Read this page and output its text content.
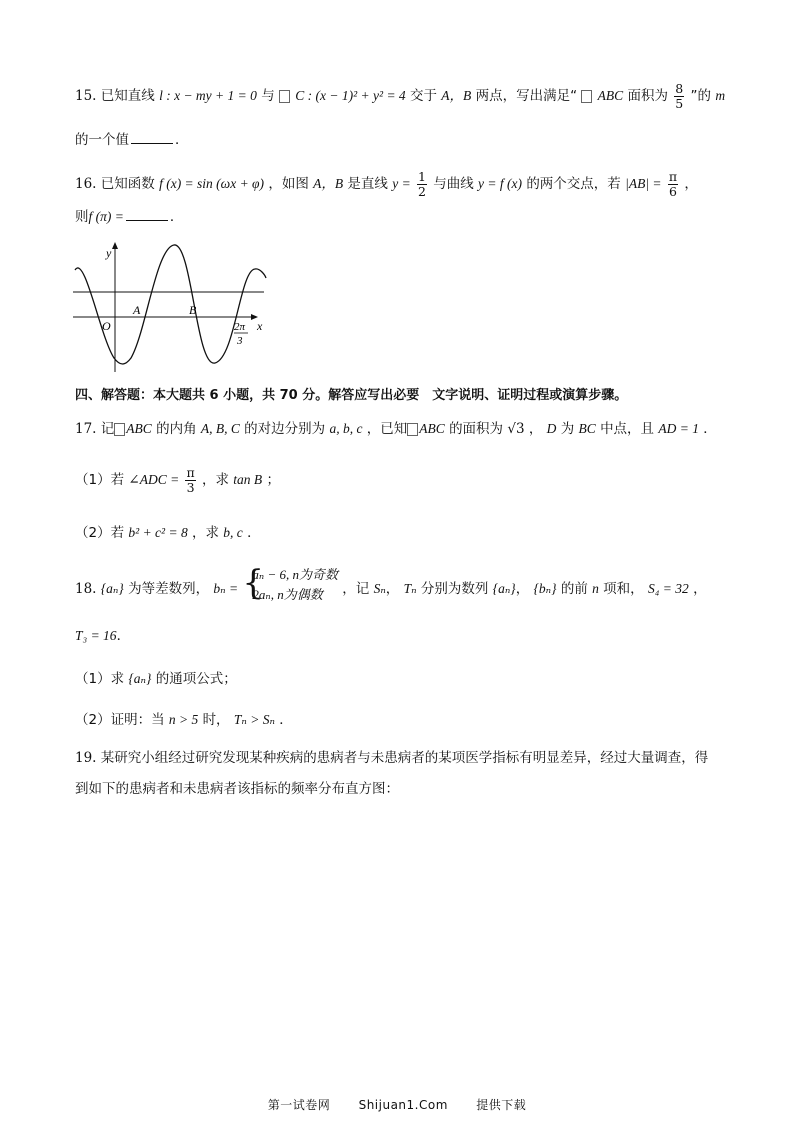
15. 已知直线 l : x − my + 1 = 0 与 C : (x − 1)² + y² = 4 交于 A，B 两点，写出满足“ ABC 面积为 $\frac{8}{5}$ ”的 m
的一个值	．
16. 已知函数 f (x) = sin (ωx + φ) ，如图 A，B 是直线 $y = \frac{1}{2}$ 与曲线 y = f (x) 的两个交点，若 $|AB| = \frac{\pi}{6}$ ，
则f (π) =	．
y
x
O
A	B
2π
3
四、解答题：本大题共 6 小题，共 70 分。解答应写出必要　文字说明、证明过程或演算步骤。
17. 记 ABC 的内角 A, B, C 的对边分别为 a, b, c ，已知 ABC 的面积为 √3 ， D 为 BC 中点，且 AD = 1 ．
（1）若 ∠ADC = $\frac{\pi}{3}$ ，求 tan B ；
（2）若 b² + c² = 8 ，求 b, c ．
18. {aₙ} 为等差数列， bₙ = {
aₙ − 6, n为奇数
2aₙ, n为偶数	，记 Sₙ， Tₙ 分别为数列 {aₙ}， {bₙ} 的前 n 项和， S₄ = 32 ，
T₃ = 16．
（1）求 {aₙ} 的通项公式；
（2）证明：当 n > 5 时， Tₙ > Sₙ ．
19. 某研究小组经过研究发现某种疾病的患病者与未患病者的某项医学指标有明显差异，经过大量调查，得
到如下的患病者和未患病者该指标的频率分布直方图：
第一试卷网 Shijuan1.Com 提供下载
